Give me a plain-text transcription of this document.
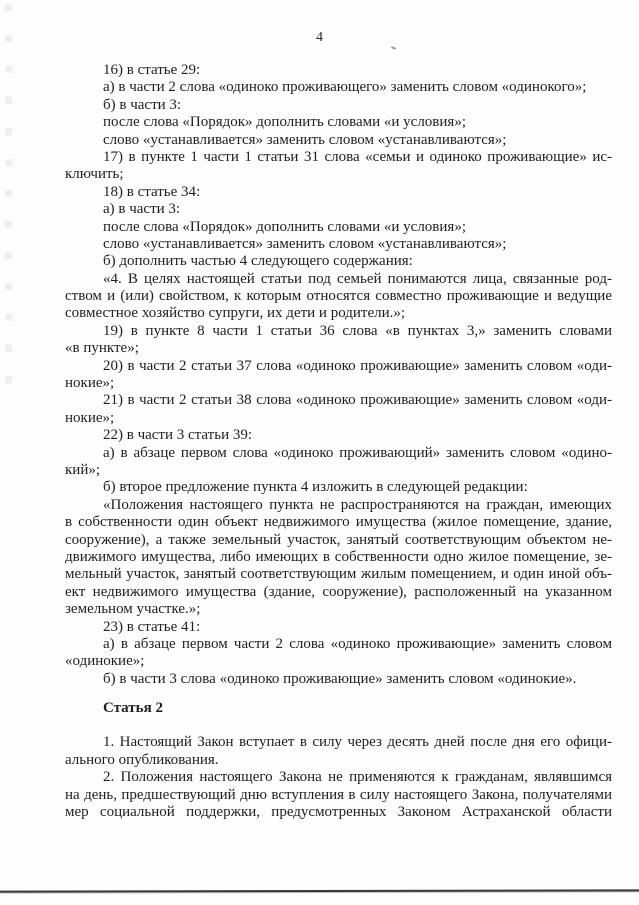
4
16) в статье 29:
а) в части 2 слова «одиноко проживающего» заменить словом «одинокого»;
б) в части 3:
после слова «Порядок» дополнить словами «и условия»;
слово «устанавливается» заменить словом «устанавливаются»;
17) в пункте 1 части 1 статьи 31 слова «семьи и одиноко проживающие» ис-
ключить;
18) в статье 34:
а) в части 3:
после слова «Порядок» дополнить словами «и условия»;
слово «устанавливается» заменить словом «устанавливаются»;
б) дополнить частью 4 следующего содержания:
«4. В целях настоящей статьи под семьей понимаются лица, связанные род-
ством и (или) свойством, к которым относятся совместно проживающие и ведущие
совместное хозяйство супруги, их дети и родители.»;
19) в пункте 8 части 1 статьи 36 слова «в пунктах 3,» заменить словами
«в пункте»;
20) в части 2 статьи 37 слова «одиноко проживающие» заменить словом «оди-
нокие»;
21) в части 2 статьи 38 слова «одиноко проживающие» заменить словом «оди-
нокие»;
22) в части 3 статьи 39:
а) в абзаце первом слова «одиноко проживающий» заменить словом «одино-
кий»;
б) второе предложение пункта 4 изложить в следующей редакции:
«Положения настоящего пункта не распространяются на граждан, имеющих
в собственности один объект недвижимого имущества (жилое помещение, здание,
сооружение), а также земельный участок, занятый соответствующим объектом не-
движимого имущества, либо имеющих в собственности одно жилое помещение, зе-
мельный участок, занятый соответствующим жилым помещением, и один иной объ-
ект недвижимого имущества (здание, сооружение), расположенный на указанном
земельном участке.»;
23) в статье 41:
а) в абзаце первом части 2 слова «одиноко проживающие» заменить словом
«одинокие»;
б) в части 3 слова «одиноко проживающие» заменить словом «одинокие».
Статья 2
1. Настоящий Закон вступает в силу через десять дней после дня его офици-
ального опубликования.
2. Положения настоящего Закона не применяются к гражданам, являвшимся
на день, предшествующий дню вступления в силу настоящего Закона, получателями
мер социальной поддержки, предусмотренных Законом Астраханской области
